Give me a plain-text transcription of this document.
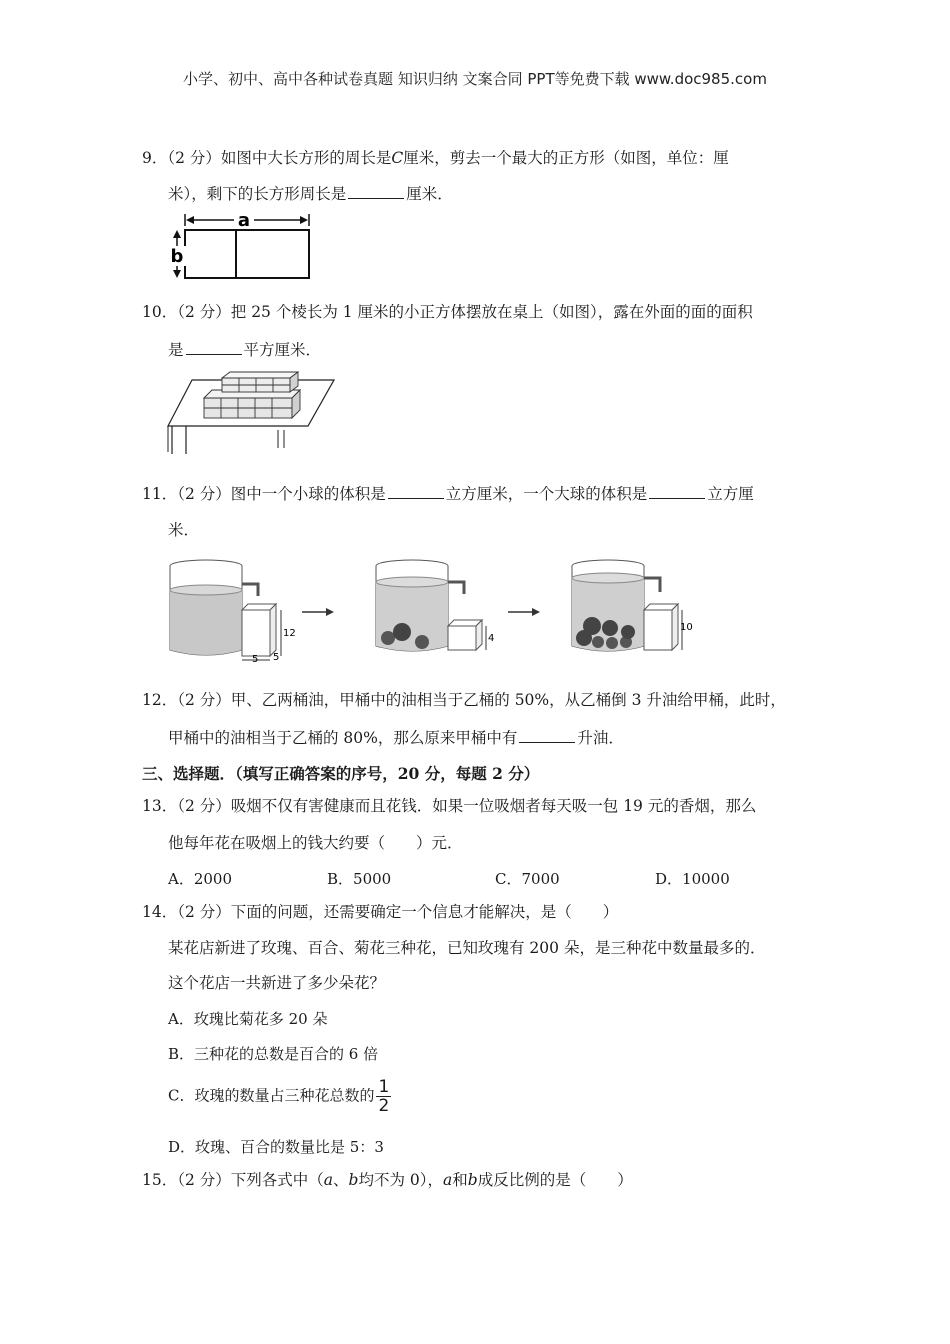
小学、初中、高中各种试卷真题 知识归纳 文案合同 PPT等免费下载 www.doc985.com
9．（2 分）如图中大长方形的周长是C厘米，剪去一个最大的正方形（如图，单位：厘
米），剩下的长方形周长是	厘米．
a
b
10．（2 分）把 25 个棱长为 1 厘米的小正方体摆放在桌上（如图），露在外面的面的面积
是	平方厘米．
11．（2 分）图中一个小球的体积是	立方厘米，一个大球的体积是	立方厘
米．
12
5 5
4
10
12．（2 分）甲、乙两桶油，甲桶中的油相当于乙桶的 50%，从乙桶倒 3 升油给甲桶，此时，
甲桶中的油相当于乙桶的 80%，那么原来甲桶中有	升油．
三、选择题．（填写正确答案的序号，20 分，每题 2 分）
13．（2 分）吸烟不仅有害健康而且花钱．如果一位吸烟者每天吸一包 19 元的香烟，那么
他每年花在吸烟上的钱大约要（　　）元．
A．2000	B．5000	C．7000	D．10000
14．（2 分）下面的问题，还需要确定一个信息才能解决，是（　　）
某花店新进了玫瑰、百合、菊花三种花，已知玫瑰有 200 朵，是三种花中数量最多的．
这个花店一共新进了多少朵花？
A．玫瑰比菊花多 20 朵
B．三种花的总数是百合的 6 倍
C．玫瑰的数量占三种花总数的 $\frac{1}{2}$
D．玫瑰、百合的数量比是 5：3
15．（2 分）下列各式中（a、b均不为 0），a和b成反比例的是（　　）
